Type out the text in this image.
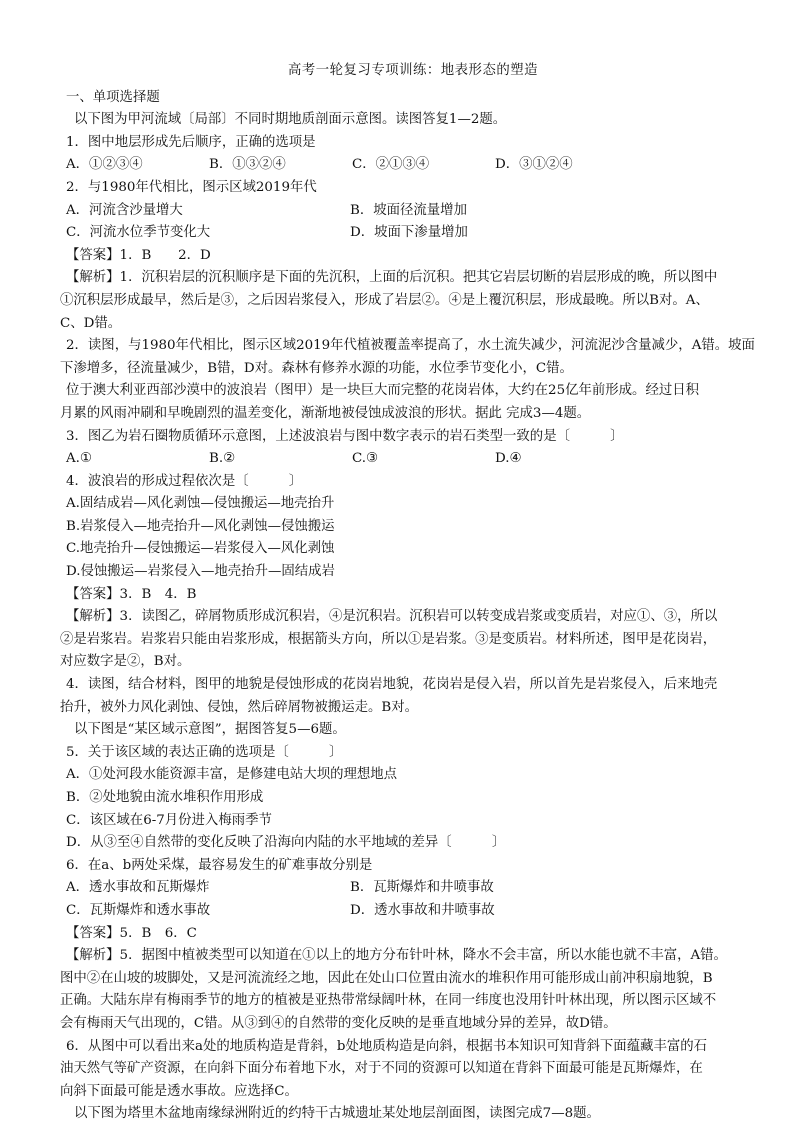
高考一轮复习专项训练：地表形态的塑造
一、单项选择题
以下图为甲河流域〔局部〕不同时期地质剖面示意图。读图答复1—2题。
1．图中地层形成先后顺序，正确的选项是
A．①②③④	B．①③②④	C．②①③④	D．③①②④
2．与1980年代相比，图示区域2019年代
A．河流含沙量增大	B．坡面径流量增加
C．河流水位季节变化大	D．坡面下渗量增加
【答案】1．B　　2．D
【解析】1．沉积岩层的沉积顺序是下面的先沉积，上面的后沉积。把其它岩层切断的岩层形成的晚，所以图中
①沉积层形成最早，然后是③，之后因岩浆侵入，形成了岩层②。④是上覆沉积层，形成最晚。所以B对。A、
C、D错。
2．读图，与1980年代相比，图示区域2019年代植被覆盖率提高了，水土流失减少，河流泥沙含量减少，A错。坡面
下渗增多，径流量减少，B错，D对。森林有修养水源的功能，水位季节变化小，C错。
位于澳大利亚西部沙漠中的波浪岩（图甲）是一块巨大而完整的花岗岩体，大约在25亿年前形成。经过日积
月累的风雨冲刷和早晚剧烈的温差变化，渐渐地被侵蚀成波浪的形状。据此 完成3—4题。
3．图乙为岩石圈物质循环示意图，上述波浪岩与图中数字表示的岩石类型一致的是〔　　　〕
A.①	B.②	C.③	D.④
4．波浪岩的形成过程依次是〔　　　〕
A.固结成岩—风化剥蚀—侵蚀搬运—地壳抬升
B.岩浆侵入—地壳抬升—风化剥蚀—侵蚀搬运
C.地壳抬升—侵蚀搬运—岩浆侵入—风化剥蚀
D.侵蚀搬运—岩浆侵入—地壳抬升—固结成岩
【答案】3．B　4．B
【解析】3．读图乙，碎屑物质形成沉积岩，④是沉积岩。沉积岩可以转变成岩浆或变质岩，对应①、③，所以
②是岩浆岩。岩浆岩只能由岩浆形成，根据箭头方向，所以①是岩浆。③是变质岩。材料所述，图甲是花岗岩，
对应数字是②，B对。
4．读图，结合材料，图甲的地貌是侵蚀形成的花岗岩地貌，花岗岩是侵入岩，所以首先是岩浆侵入，后来地壳
抬升，被外力风化剥蚀、侵蚀，然后碎屑物被搬运走。B对。
以下图是“某区域示意图”，据图答复5—6题。
5．关于该区域的表达正确的选项是〔　　　〕
A．①处河段水能资源丰富，是修建电站大坝的理想地点
B．②处地貌由流水堆积作用形成
C．该区域在6-7月份进入梅雨季节
D．从③至④自然带的变化反映了沿海向内陆的水平地域的差异〔　　　〕
6．在a、b两处采煤，最容易发生的矿难事故分别是
A．透水事故和瓦斯爆炸	B．瓦斯爆炸和井喷事故
C．瓦斯爆炸和透水事故	D．透水事故和井喷事故
【答案】5．B　6．C
【解析】5．据图中植被类型可以知道在①以上的地方分布针叶林，降水不会丰富，所以水能也就不丰富，A错。
图中②在山坡的坡脚处，又是河流流经之地，因此在处山口位置由流水的堆积作用可能形成山前冲积扇地貌，B
正确。大陆东岸有梅雨季节的地方的植被是亚热带常绿阔叶林，在同一纬度也没用针叶林出现，所以图示区域不
会有梅雨天气出现的，C错。从③到④的自然带的变化反映的是垂直地域分异的差异，故D错。
6．从图中可以看出来a处的地质构造是背斜，b处地质构造是向斜，根据书本知识可知背斜下面蕴藏丰富的石
油天然气等矿产资源，在向斜下面分布着地下水，对于不同的资源可以知道在背斜下面最可能是瓦斯爆炸，在
向斜下面最可能是透水事故。应选择C。
以下图为塔里木盆地南缘绿洲附近的约特干古城遗址某处地层剖面图，读图完成7—8题。
